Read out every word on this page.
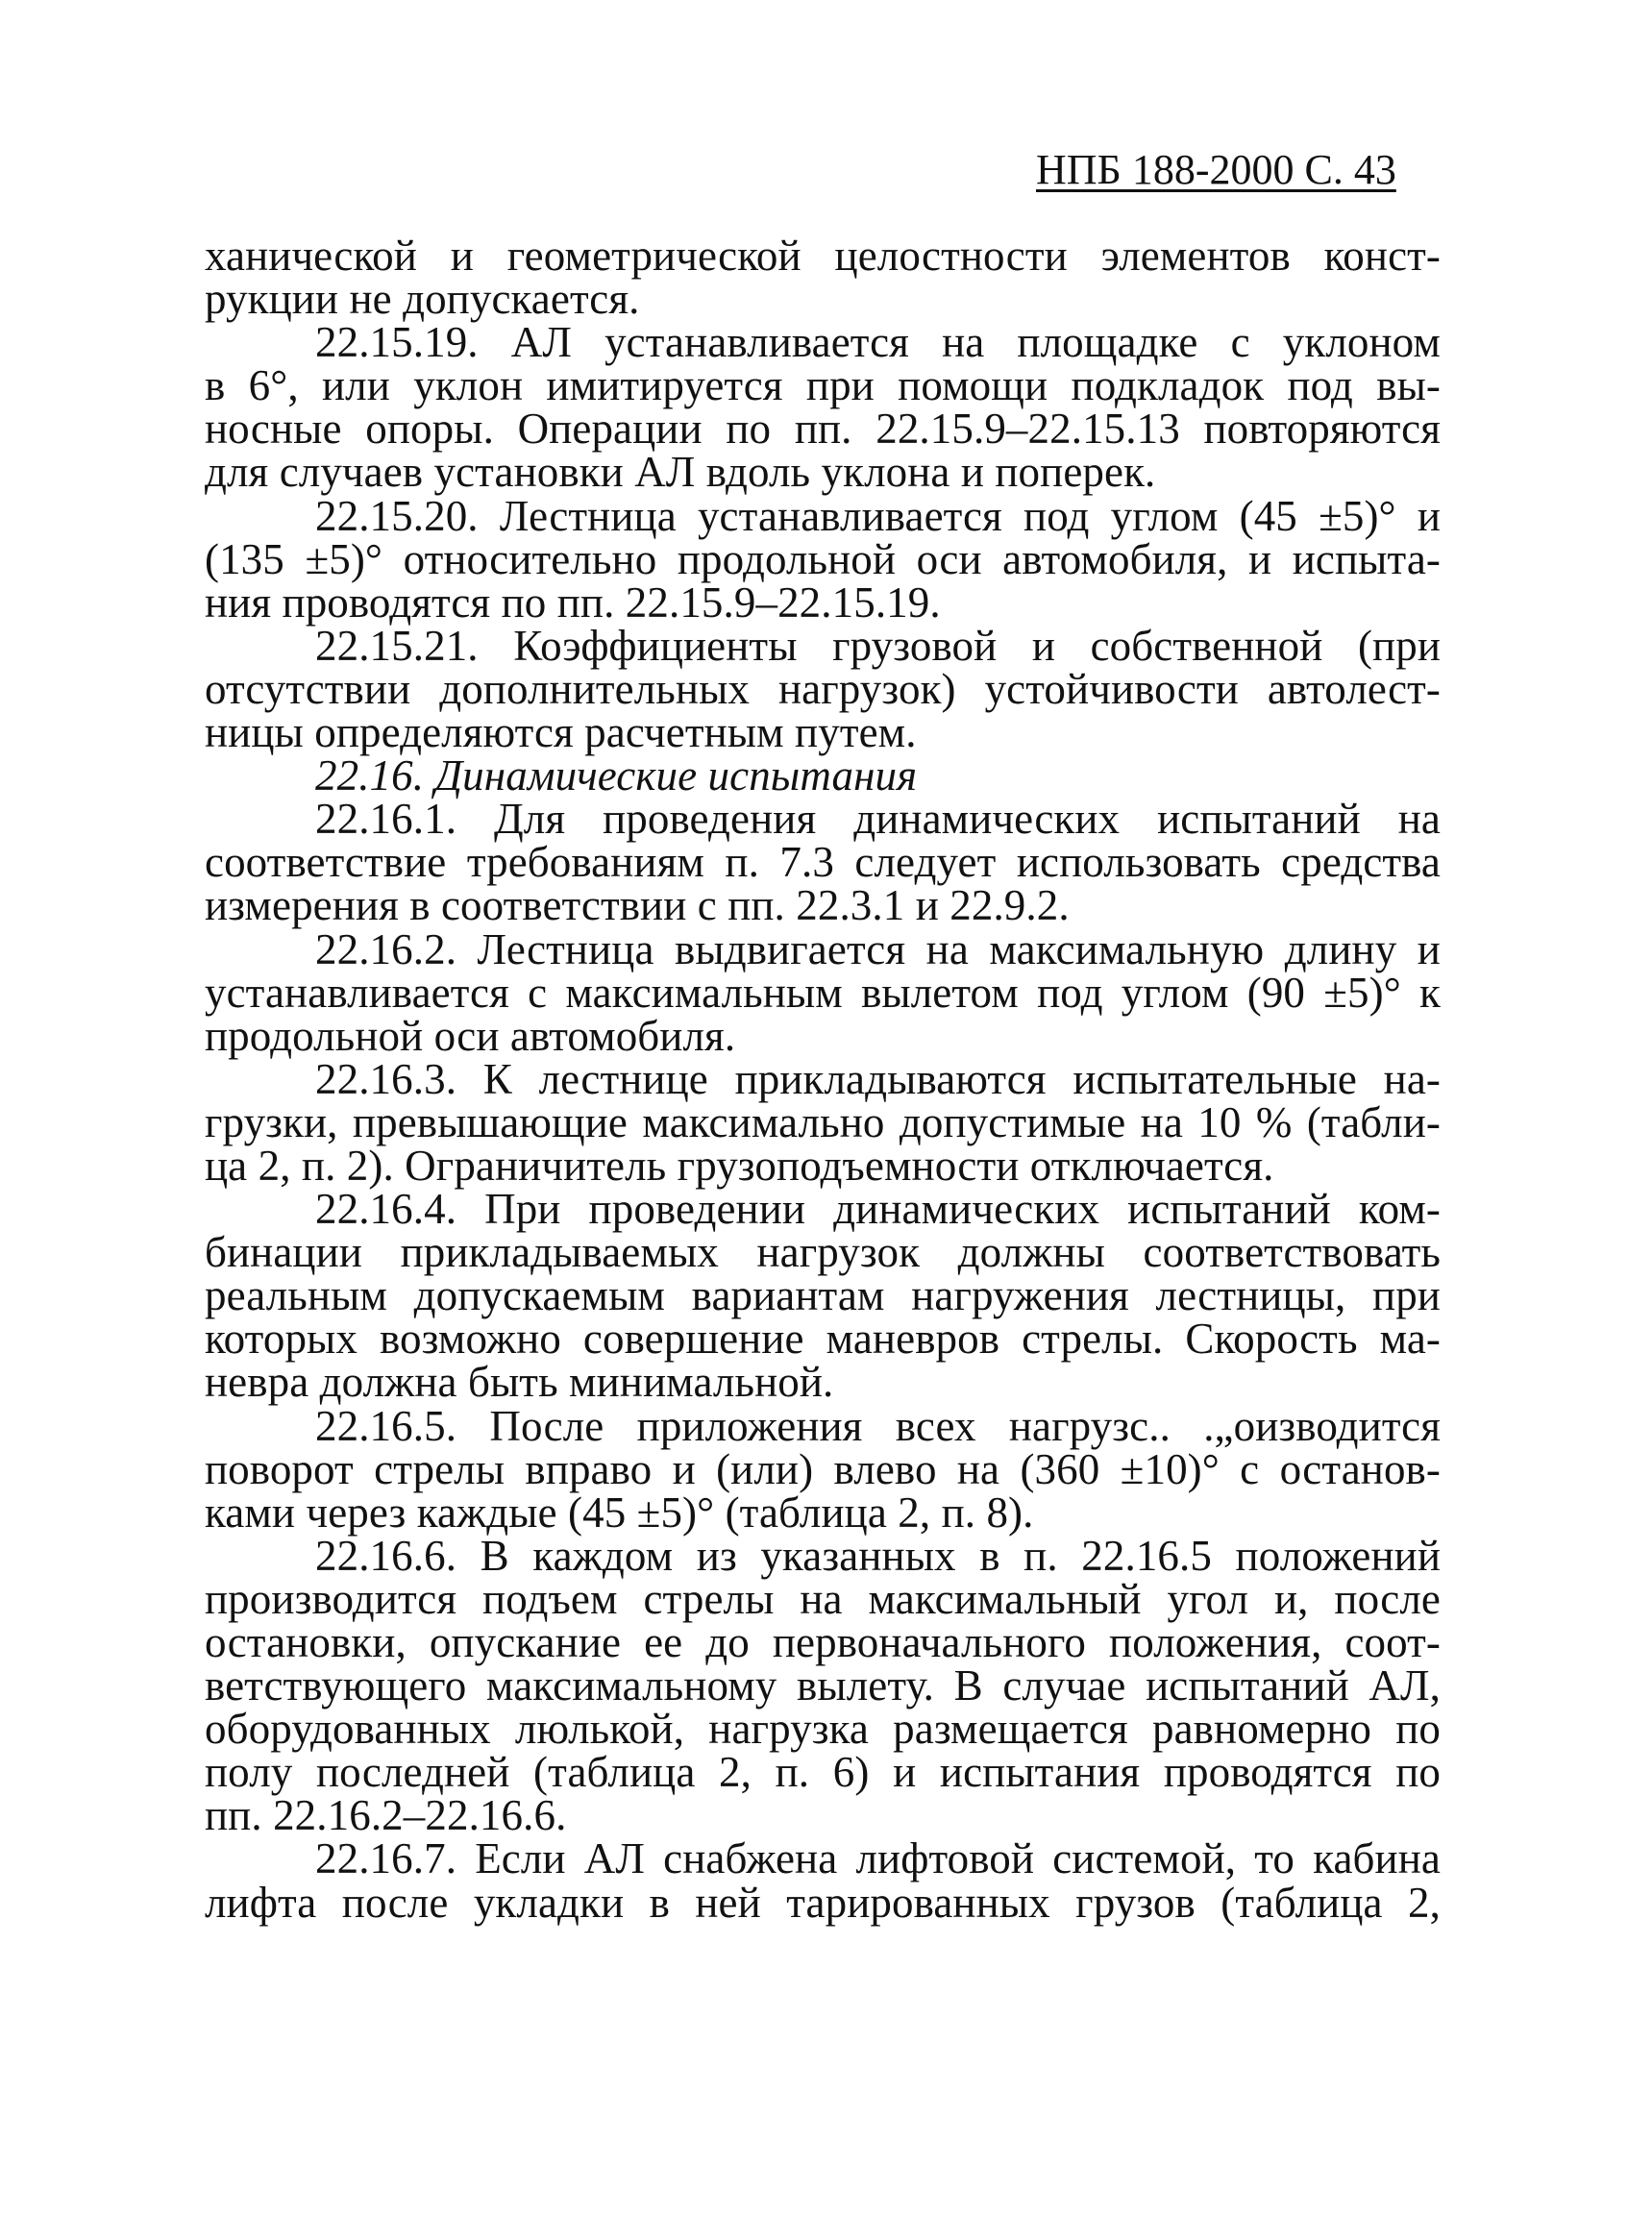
НПБ 188-2000 С. 43
ханической и геометрической целостности элементов конст-
рукции не допускается.
22.15.19. АЛ устанавливается на площадке с уклоном
в 6°, или уклон имитируется при помощи подкладок под вы-
носные опоры. Операции по пп. 22.15.9–22.15.13 повторяются
для случаев установки АЛ вдоль уклона и поперек.
22.15.20. Лестница устанавливается под углом (45 ±5)° и
(135 ±5)° относительно продольной оси автомобиля, и испыта-
ния проводятся по пп. 22.15.9–22.15.19.
22.15.21. Коэффициенты грузовой и собственной (при
отсутствии дополнительных нагрузок) устойчивости автолест-
ницы определяются расчетным путем.
22.16. Динамические испытания
22.16.1. Для проведения динамических испытаний на
соответствие требованиям п. 7.3 следует использовать средства
измерения в соответствии с пп. 22.3.1 и 22.9.2.
22.16.2. Лестница выдвигается на максимальную длину и
устанавливается с максимальным вылетом под углом (90 ±5)° к
продольной оси автомобиля.
22.16.3. К лестнице прикладываются испытательные на-
грузки, превышающие максимально допустимые на 10 % (табли-
ца 2, п. 2). Ограничитель грузоподъемности отключается.
22.16.4. При проведении динамических испытаний ком-
бинации прикладываемых нагрузок должны соответствовать
реальным допускаемым вариантам нагружения лестницы, при
которых возможно совершение маневров стрелы. Скорость ма-
невра должна быть минимальной.
22.16.5. После приложения всех нагрузс.. .„оизводится
поворот стрелы вправо и (или) влево на (360 ±10)° с останов-
ками через каждые (45 ±5)° (таблица 2, п. 8).
22.16.6. В каждом из указанных в п. 22.16.5 положений
производится подъем стрелы на максимальный угол и, после
остановки, опускание ее до первоначального положения, соот-
ветствующего максимальному вылету. В случае испытаний АЛ,
оборудованных люлькой, нагрузка размещается равномерно по
полу последней (таблица 2, п. 6) и испытания проводятся по
пп. 22.16.2–22.16.6.
22.16.7. Если АЛ снабжена лифтовой системой, то кабина
лифта после укладки в ней тарированных грузов (таблица 2,
